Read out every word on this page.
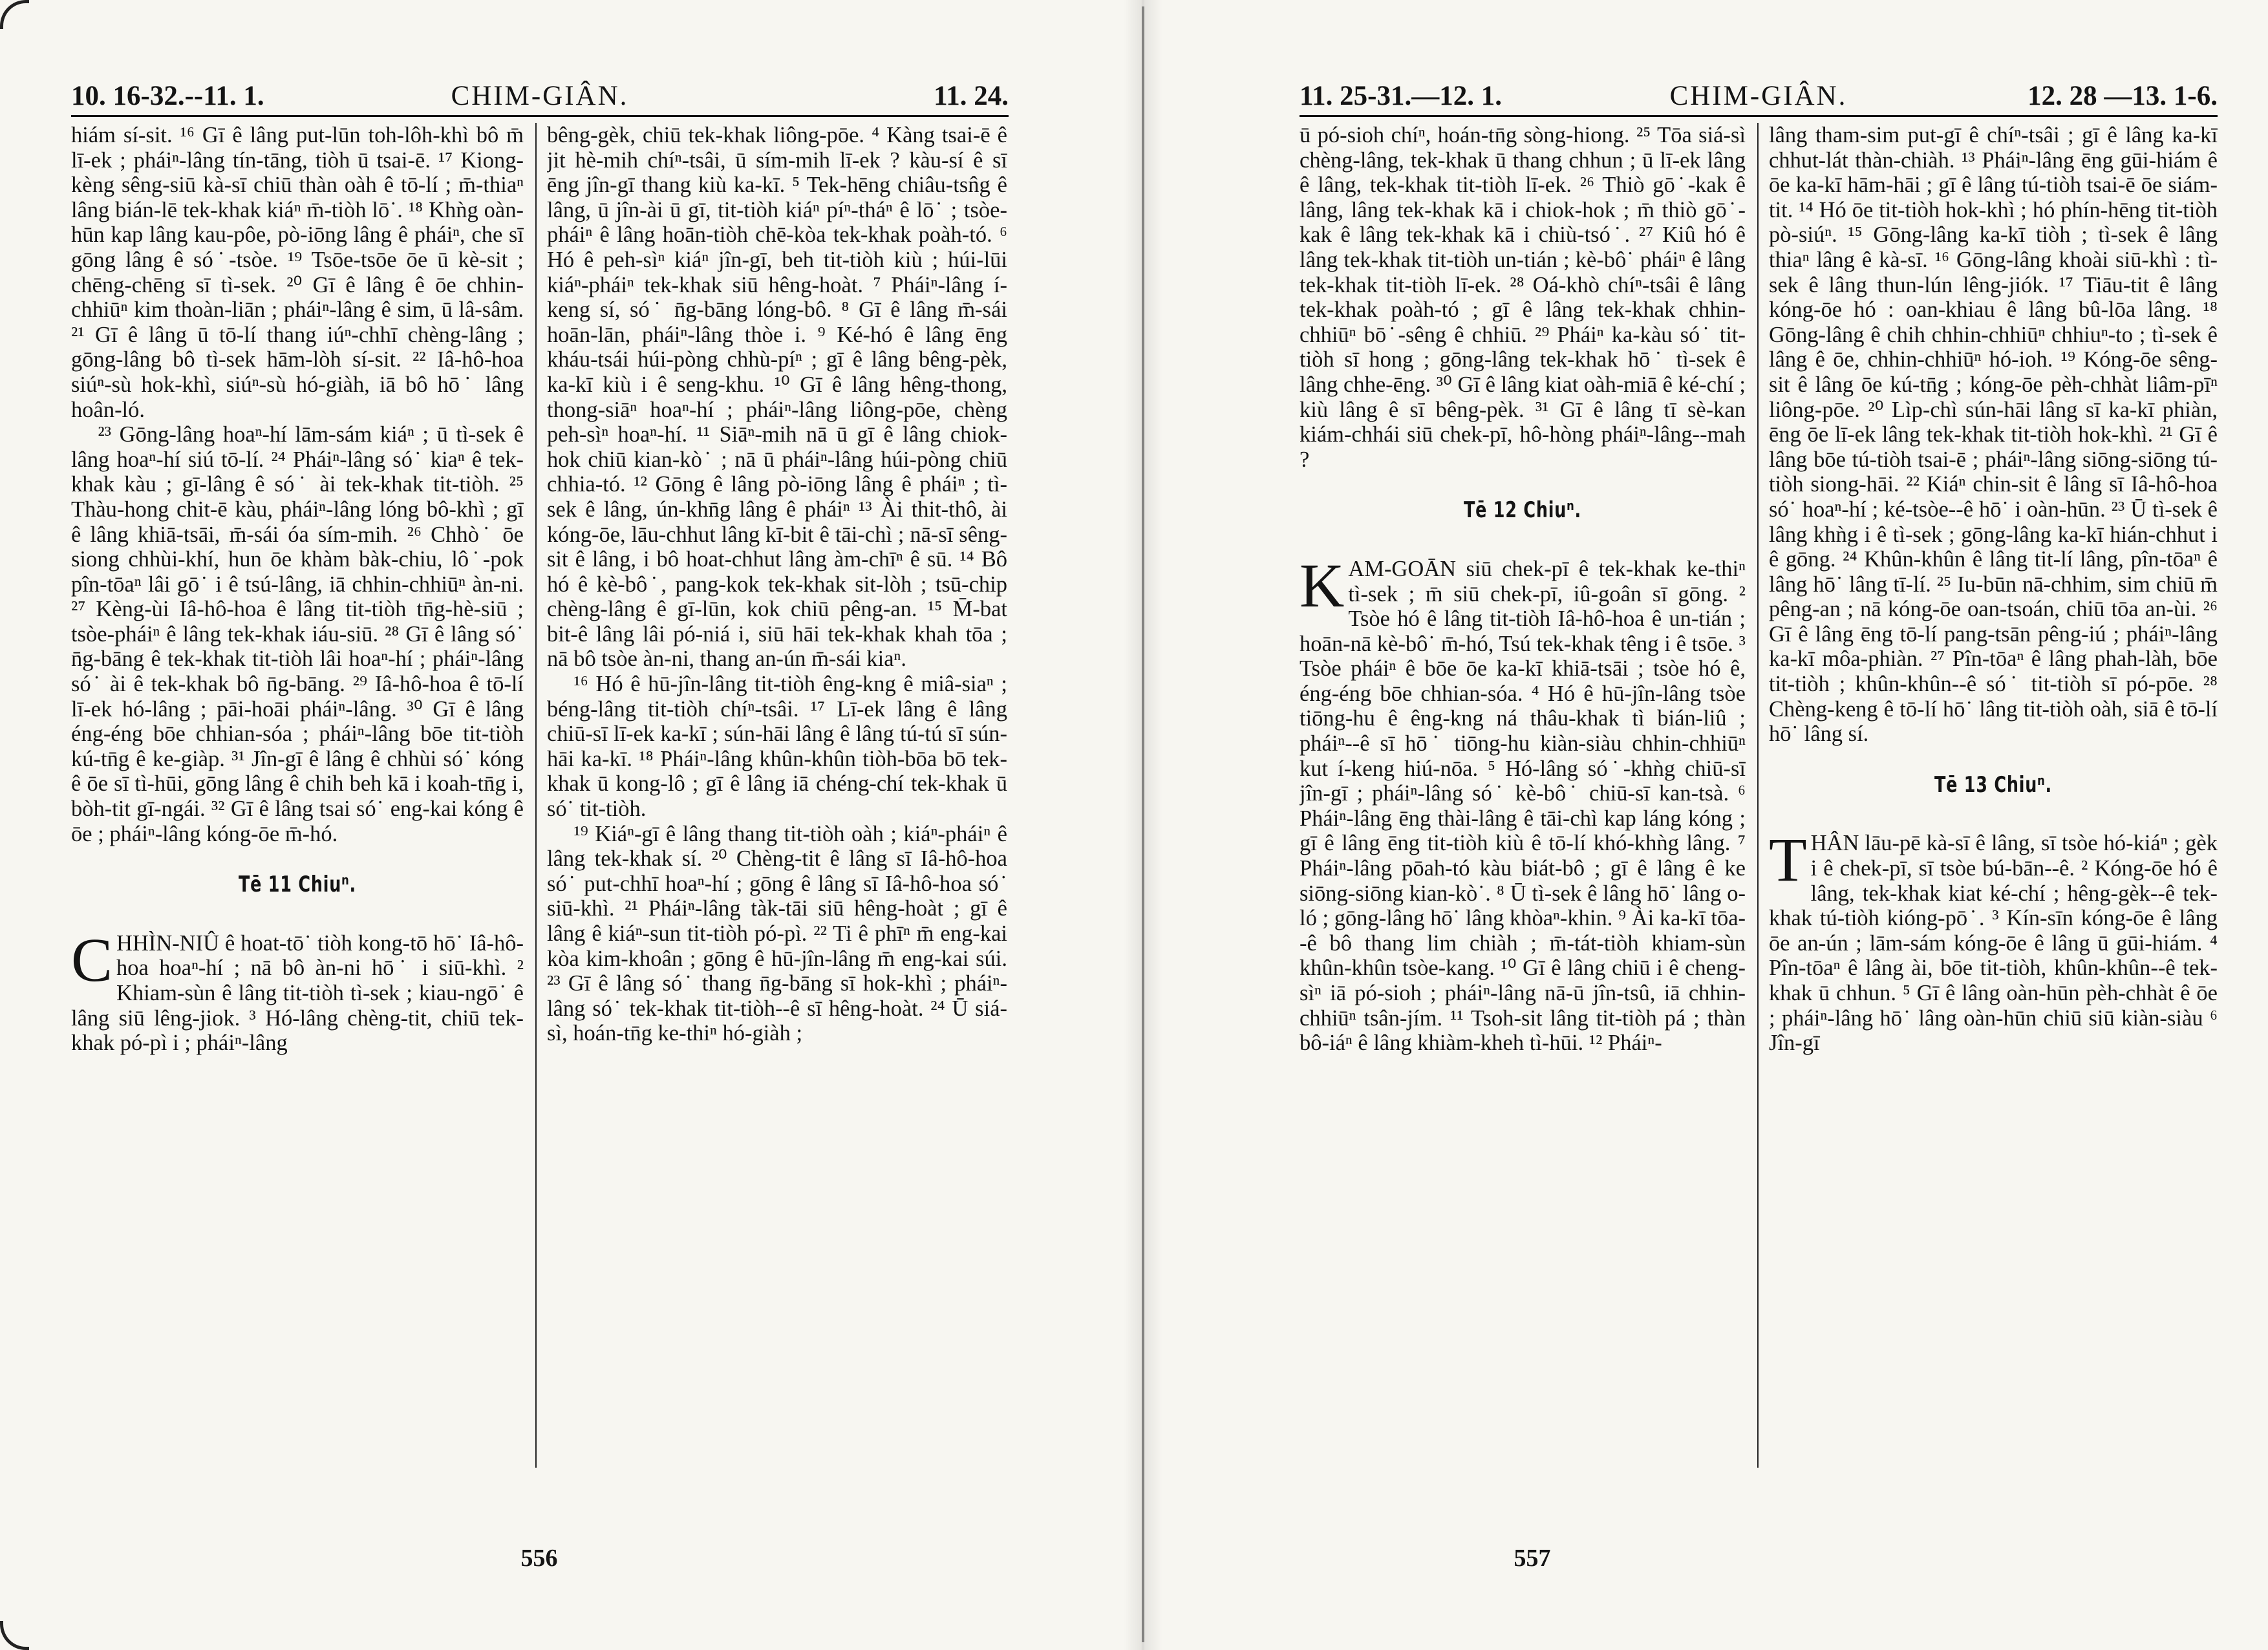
10. 16-32.--11. 1.	CHIM-GIÂN.	11. 24.

hiám sí-sit. ¹⁶ Gī ê lâng put-lūn toh-lôh-khì bô m̄ lī-ek ; pháiⁿ-lâng tín-tāng, tiòh ū tsai-ē. ¹⁷ Kiong-kèng sêng-siū kà-sī chiū thàn oàh ê tō-lí ; m̄-thiaⁿ lâng bián-lē tek-khak kiáⁿ m̄-tiòh lō˙. ¹⁸ Khǹg oàn-hūn kap lâng kau-pôe, pò-iōng lâng ê pháiⁿ, che sī gōng lâng ê só˙-tsòe. ¹⁹ Tsōe-tsōe ōe ū kè-sit ; chēng-chēng sī tì-sek. ²⁰ Gī ê lâng ê ōe chhin-chhiūⁿ kim thoàn-liān ; pháiⁿ-lâng ê sim, ū lâ-sâm. ²¹ Gī ê lâng ū tō-lí thang iúⁿ-chhī chèng-lâng ; gōng-lâng bô tì-sek hām-lòh sí-sit. ²² Iâ-hô-hoa siúⁿ-sù hok-khì, siúⁿ-sù hó-giàh, iā bô hō˙ lâng hoân-ló.

²³ Gōng-lâng hoaⁿ-hí lām-sám kiáⁿ ; ū tì-sek ê lâng hoaⁿ-hí siú tō-lí. ²⁴ Pháiⁿ-lâng só˙ kiaⁿ ê tek-khak kàu ; gī-lâng ê só˙ ài tek-khak tit-tiòh. ²⁵ Thàu-hong chit-ē kàu, pháiⁿ-lâng lóng bô-khì ; gī ê lâng khiā-tsāi, m̄-sái óa sím-mih. ²⁶ Chhò˙ ōe siong chhùi-khí, hun ōe khàm bàk-chiu, lô˙-pok pîn-tōaⁿ lâi gō˙ i ê tsú-lâng, iā chhin-chhiūⁿ àn-ni. ²⁷ Kèng-ùi Iâ-hô-hoa ê lâng tit-tiòh tn̄g-hè-siū ; tsòe-pháiⁿ ê lâng tek-khak iáu-siū. ²⁸ Gī ê lâng só˙ n̄g-bāng ê tek-khak tit-tiòh lâi hoaⁿ-hí ; pháiⁿ-lâng só˙ ài ê tek-khak bô n̄g-bāng. ²⁹ Iâ-hô-hoa ê tō-lí lī-ek hó-lâng ; pāi-hoāi pháiⁿ-lâng. ³⁰ Gī ê lâng éng-éng bōe chhian-sóa ; pháiⁿ-lâng bōe tit-tiòh kú-tn̄g ê ke-giàp. ³¹ Jîn-gī ê lâng ê chhùi só˙ kóng ê ōe sī tì-hūi, gōng lâng ê chih beh kā i koah-tn̄g i, bòh-tit gī-ngái. ³² Gī ê lâng tsai só˙ eng-kai kóng ê ōe ; pháiⁿ-lâng kóng-ōe m̄-hó.

Tē 11 Chiuⁿ.

CHHÌN-NIÛ ê hoat-tō˙ tiòh kong-tō hō˙ Iâ-hô-hoa hoaⁿ-hí ; nā bô àn-ni hō˙ i siū-khì. ² Khiam-sùn ê lâng tit-tiòh tì-sek ; kiau-ngō˙ ê lâng siū lêng-jiok. ³ Hó-lâng chèng-tit, chiū tek-khak pó-pì i ; pháiⁿ-lâng

bêng-gèk, chiū tek-khak liông-pōe. ⁴ Kàng tsai-ē ê jit hè-mih chíⁿ-tsâi, ū sím-mih lī-ek ? kàu-sí ê sī ēng jîn-gī thang kiù ka-kī. ⁵ Tek-hēng chiâu-tsn̂g ê lâng, ū jîn-ài ū gī, tit-tiòh kiáⁿ píⁿ-tháⁿ ê lō˙ ; tsòe-pháiⁿ ê lâng hoān-tiòh chē-kòa tek-khak poàh-tó. ⁶ Hó ê peh-sìⁿ kiáⁿ jîn-gī, beh tit-tiòh kiù ; húi-lūi kiáⁿ-pháiⁿ tek-khak siū hêng-hoàt. ⁷ Pháiⁿ-lâng í-keng sí, só˙ n̄g-bāng lóng-bô. ⁸ Gī ê lâng m̄-sái hoān-lān, pháiⁿ-lâng thòe i. ⁹ Ké-hó ê lâng ēng kháu-tsái húi-pòng chhù-píⁿ ; gī ê lâng bêng-pèk, ka-kī kiù i ê seng-khu. ¹⁰ Gī ê lâng hêng-thong, thong-siāⁿ hoaⁿ-hí ; pháiⁿ-lâng liông-pōe, chèng peh-sìⁿ hoaⁿ-hí. ¹¹ Siāⁿ-mih nā ū gī ê lâng chiok-hok chiū kian-kò˙ ; nā ū pháiⁿ-lâng húi-pòng chiū chhia-tó. ¹² Gōng ê lâng pò-iōng lâng ê pháiⁿ ; tì-sek ê lâng, ún-khn̄g lâng ê pháiⁿ ¹³ Ài thit-thô, ài kóng-ōe, lāu-chhut lâng kī-bit ê tāi-chì ; nā-sī sêng-sit ê lâng, i bô hoat-chhut lâng àm-chīⁿ ê sū. ¹⁴ Bô hó ê kè-bô˙, pang-kok tek-khak sit-lòh ; tsū-chip chèng-lâng ê gī-lūn, kok chiū pêng-an. ¹⁵ M̄-bat bit-ê lâng lâi pó-niá i, siū hāi tek-khak khah tōa ; nā bô tsòe àn-ni, thang an-ún m̄-sái kiaⁿ.

¹⁶ Hó ê hū-jîn-lâng tit-tiòh êng-kng ê miâ-siaⁿ ; béng-lâng tit-tiòh chíⁿ-tsâi. ¹⁷ Lī-ek lâng ê lâng chiū-sī lī-ek ka-kī ; sún-hāi lâng ê lâng tú-tú sī sún-hāi ka-kī. ¹⁸ Pháiⁿ-lâng khûn-khûn tiòh-bōa bō tek-khak ū kong-lô ; gī ê lâng iā chéng-chí tek-khak ū só˙ tit-tiòh.

¹⁹ Kiáⁿ-gī ê lâng thang tit-tiòh oàh ; kiáⁿ-pháiⁿ ê lâng tek-khak sí. ²⁰ Chèng-tit ê lâng sī Iâ-hô-hoa só˙ put-chhī hoaⁿ-hí ; gōng ê lâng sī Iâ-hô-hoa só˙ siū-khì. ²¹ Pháiⁿ-lâng tàk-tāi siū hêng-hoàt ; gī ê lâng ê kiáⁿ-sun tit-tiòh pó-pì. ²² Ti ê phīⁿ m̄ eng-kai kòa kim-khoân ; gōng ê hū-jîn-lâng m̄ eng-kai súi. ²³ Gī ê lâng só˙ thang n̄g-bāng sī hok-khì ; pháiⁿ-lâng só˙ tek-khak tit-tiòh--ê sī hêng-hoàt. ²⁴ Ū siá-sì, hoán-tn̄g ke-thiⁿ hó-giàh ;

556
11. 25-31.—12. 1.	CHIM-GIÂN.	12. 28 —13. 1-6.

ū pó-sioh chíⁿ, hoán-tn̄g sòng-hiong. ²⁵ Tōa siá-sì chèng-lâng, tek-khak ū thang chhun ; ū lī-ek lâng ê lâng, tek-khak tit-tiòh lī-ek. ²⁶ Thiò gō˙-kak ê lâng, lâng tek-khak kā i chiok-hok ; m̄ thiò gō˙-kak ê lâng tek-khak kā i chiù-tsó˙. ²⁷ Kiû hó ê lâng tek-khak tit-tiòh un-tián ; kè-bô˙ pháiⁿ ê lâng tek-khak tit-tiòh lī-ek. ²⁸ Oá-khò chíⁿ-tsâi ê lâng tek-khak poàh-tó ; gī ê lâng tek-khak chhin-chhiūⁿ bō˙-sêng ê chhiū. ²⁹ Pháiⁿ ka-kàu só˙ tit-tiòh sī hong ; gōng-lâng tek-khak hō˙ tì-sek ê lâng chhe-ēng. ³⁰ Gī ê lâng kiat oàh-miā ê ké-chí ; kiù lâng ê sī bêng-pèk. ³¹ Gī ê lâng tī sè-kan kiám-chhái siū chek-pī, hô-hòng pháiⁿ-lâng--mah ?

Tē 12 Chiuⁿ.

KAM-GOĀN siū chek-pī ê tek-khak ke-thiⁿ tì-sek ; m̄ siū chek-pī, iû-goân sī gōng. ² Tsòe hó ê lâng tit-tiòh Iâ-hô-hoa ê un-tián ; hoān-nā kè-bô˙ m̄-hó, Tsú tek-khak têng i ê tsōe. ³ Tsòe pháiⁿ ê bōe ōe ka-kī khiā-tsāi ; tsòe hó ê, éng-éng bōe chhian-sóa. ⁴ Hó ê hū-jîn-lâng tsòe tiōng-hu ê êng-kng ná thâu-khak tì bián-liû ; pháiⁿ--ê sī hō˙ tiōng-hu kiàn-siàu chhin-chhiūⁿ kut í-keng hiú-nōa. ⁵ Hó-lâng só˙-khǹg chiū-sī jîn-gī ; pháiⁿ-lâng só˙ kè-bô˙ chiū-sī kan-tsà. ⁶ Pháiⁿ-lâng ēng thài-lâng ê tāi-chì kap láng kóng ; gī ê lâng ēng tit-tiòh kiù ê tō-lí khó-khǹg lâng. ⁷ Pháiⁿ-lâng pōah-tó kàu biát-bô ; gī ê lâng ê ke siōng-siōng kian-kò˙. ⁸ Ū tì-sek ê lâng hō˙ lâng o-ló ; gōng-lâng hō˙ lâng khòaⁿ-khin. ⁹ Ài ka-kī tōa--ê bô thang lim chiàh ; m̄-tát-tiòh khiam-sùn khûn-khûn tsòe-kang. ¹⁰ Gī ê lâng chiū i ê cheng-sìⁿ iā pó-sioh ; pháiⁿ-lâng nā-ū jîn-tsû, iā chhin-chhiūⁿ tsân-jím. ¹¹ Tsoh-sit lâng tit-tiòh pá ; thàn bô-iáⁿ ê lâng khiàm-kheh tì-hūi. ¹² Pháiⁿ-

lâng tham-sim put-gī ê chíⁿ-tsâi ; gī ê lâng ka-kī chhut-lát thàn-chiàh. ¹³ Pháiⁿ-lâng ēng gūi-hiám ê ōe ka-kī hām-hāi ; gī ê lâng tú-tiòh tsai-ē ōe siám-tit. ¹⁴ Hó ōe tit-tiòh hok-khì ; hó phín-hēng tit-tiòh pò-siúⁿ. ¹⁵ Gōng-lâng ka-kī tiòh ; tì-sek ê lâng thiaⁿ lâng ê kà-sī. ¹⁶ Gōng-lâng khoài siū-khì : tì-sek ê lâng thun-lún lêng-jiók. ¹⁷ Tiāu-tit ê lâng kóng-ōe hó : oan-khiau ê lâng bû-lōa lâng. ¹⁸ Gōng-lâng ê chih chhin-chhiūⁿ chhiuⁿ-to ; tì-sek ê lâng ê ōe, chhin-chhiūⁿ hó-ioh. ¹⁹ Kóng-ōe sêng-sit ê lâng ōe kú-tn̄g ; kóng-ōe pèh-chhàt liâm-pīⁿ liông-pōe. ²⁰ Lìp-chì sún-hāi lâng sī ka-kī phiàn, ēng ōe lī-ek lâng tek-khak tit-tiòh hok-khì. ²¹ Gī ê lâng bōe tú-tiòh tsai-ē ; pháiⁿ-lâng siōng-siōng tú-tiòh siong-hāi. ²² Kiáⁿ chin-sit ê lâng sī Iâ-hô-hoa só˙ hoaⁿ-hí ; ké-tsòe--ê hō˙ i oàn-hūn. ²³ Ū tì-sek ê lâng khǹg i ê tì-sek ; gōng-lâng ka-kī hián-chhut i ê gōng. ²⁴ Khûn-khûn ê lâng tit-lí lâng, pîn-tōaⁿ ê lâng hō˙ lâng tī-lí. ²⁵ Iu-būn nā-chhim, sim chiū m̄ pêng-an ; nā kóng-ōe oan-tsoán, chiū tōa an-ùi. ²⁶ Gī ê lâng ēng tō-lí pang-tsān pêng-iú ; pháiⁿ-lâng ka-kī môa-phiàn. ²⁷ Pîn-tōaⁿ ê lâng phah-làh, bōe tit-tiòh ; khûn-khûn--ê só˙ tit-tiòh sī pó-pōe. ²⁸ Chèng-keng ê tō-lí hō˙ lâng tit-tiòh oàh, siā ê tō-lí hō˙ lâng sí.

Tē 13 Chiuⁿ.

THÂN lāu-pē kà-sī ê lâng, sī tsòe hó-kiáⁿ ; gèk i ê chek-pī, sī tsòe bú-bān--ê. ² Kóng-ōe hó ê lâng, tek-khak kiat ké-chí ; hêng-gèk--ê tek-khak tú-tiòh kióng-pō˙. ³ Kín-sīn kóng-ōe ê lâng ōe an-ún ; lām-sám kóng-ōe ê lâng ū gūi-hiám. ⁴ Pîn-tōaⁿ ê lâng ài, bōe tit-tiòh, khûn-khûn--ê tek-khak ū chhun. ⁵ Gī ê lâng oàn-hūn pèh-chhàt ê ōe ; pháiⁿ-lâng hō˙ lâng oàn-hūn chiū siū kiàn-siàu ⁶ Jîn-gī

557
